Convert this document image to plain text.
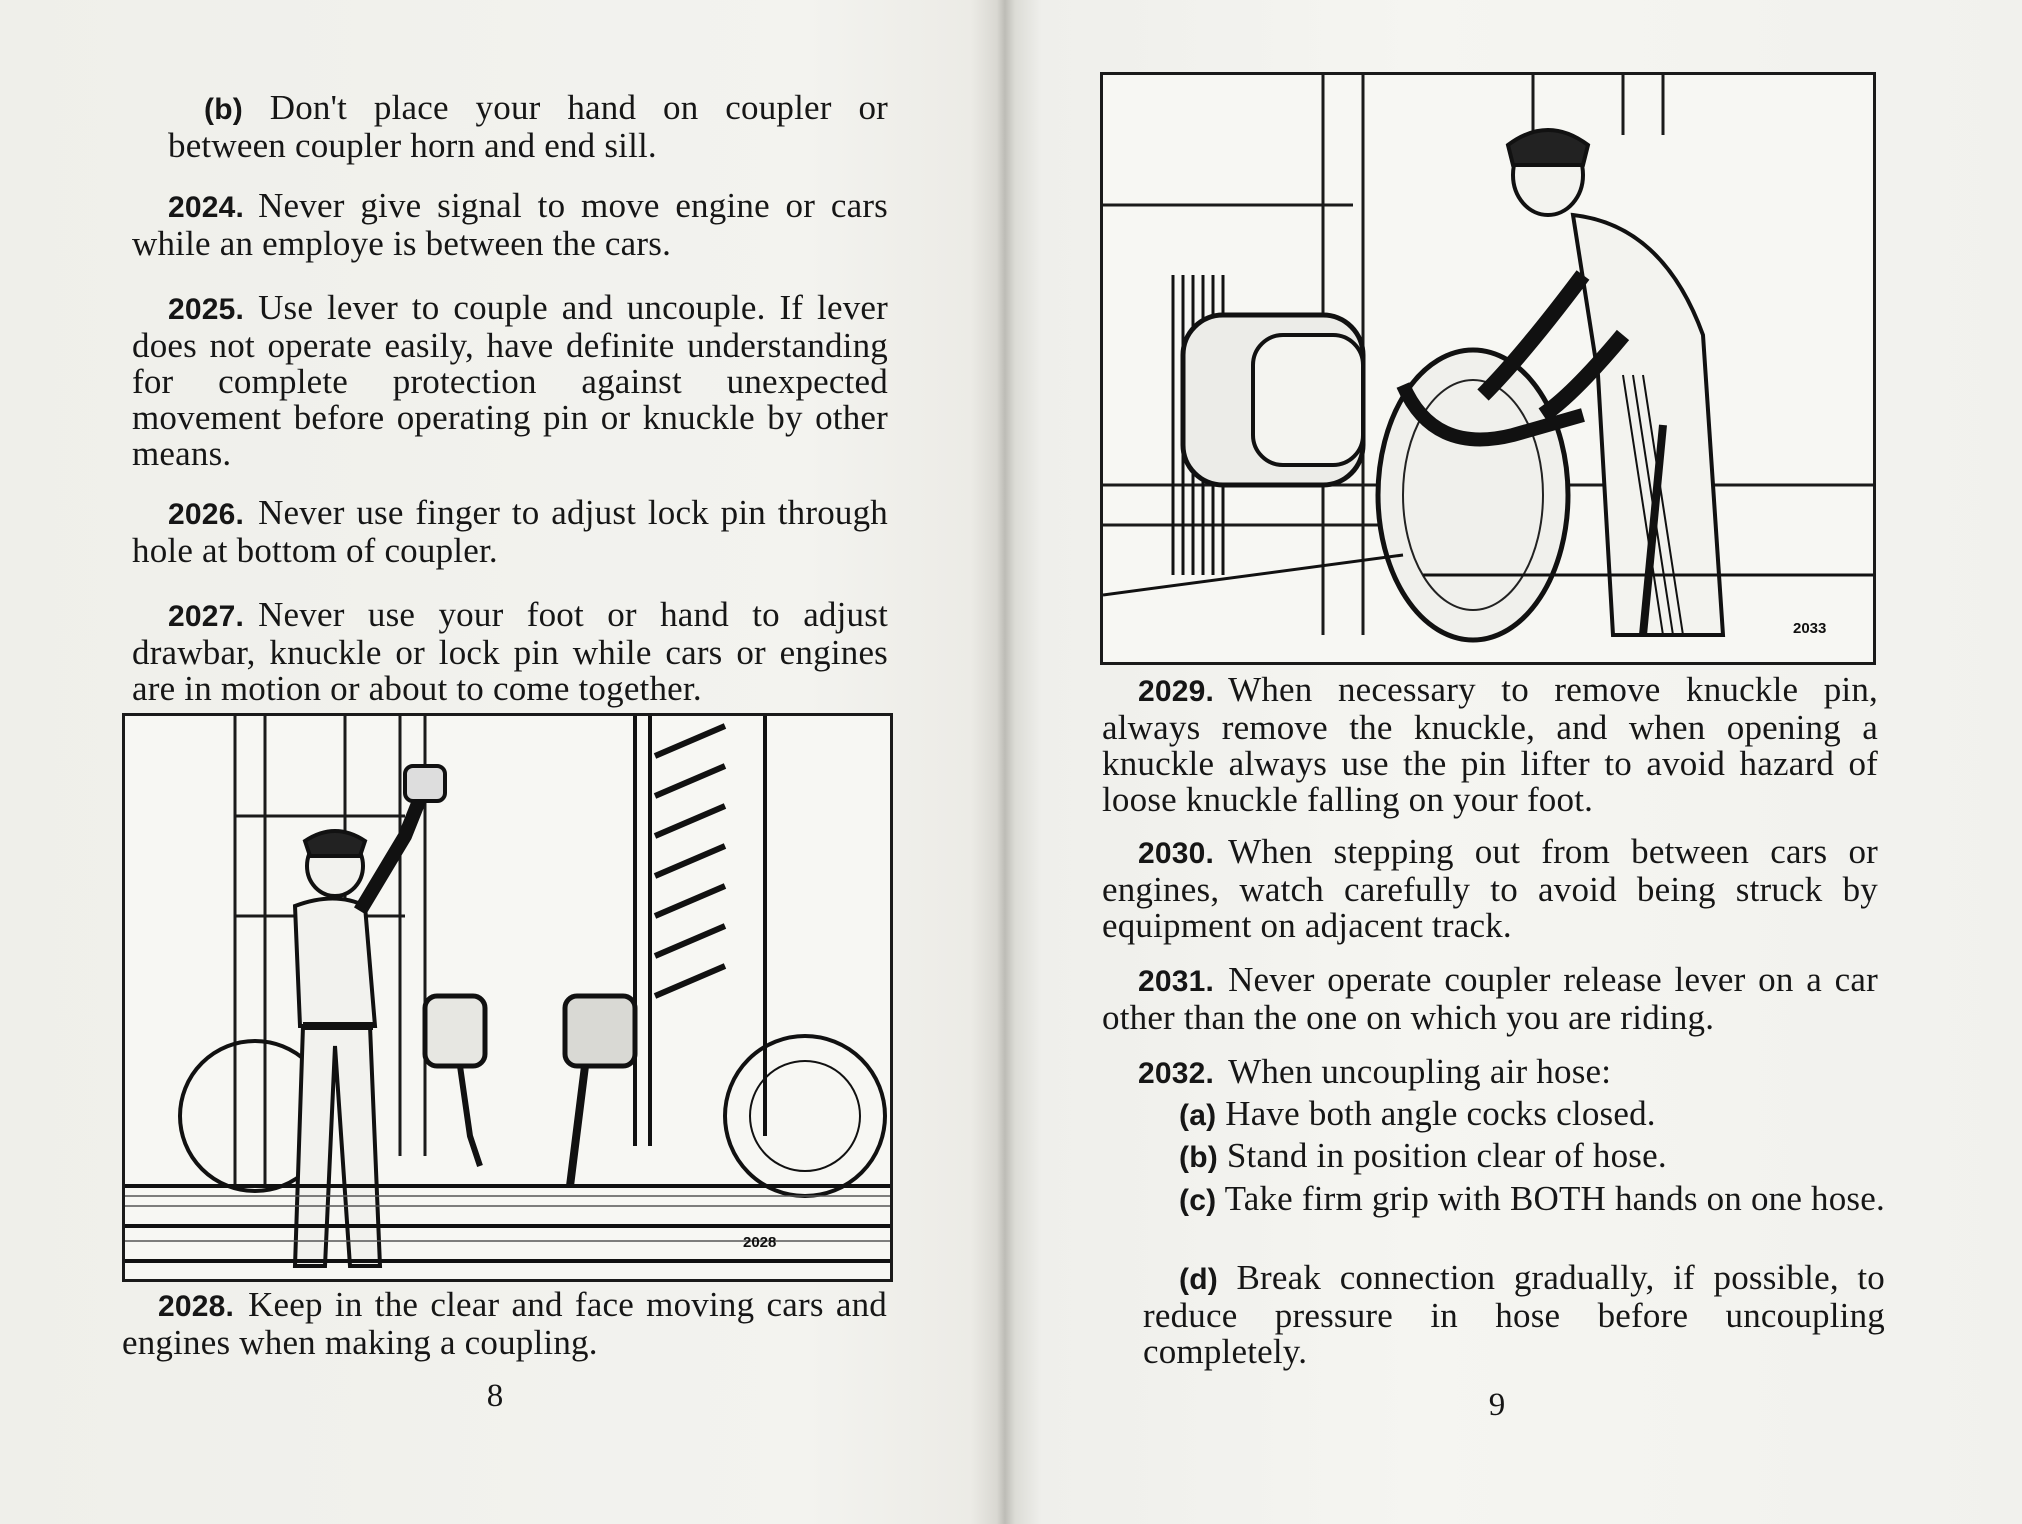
(b) Don't place your hand on coupler or between coupler horn and end sill.

2024. Never give signal to move engine or cars while an employe is between the cars.

2025. Use lever to couple and uncouple. If lever does not operate easily, have definite understanding for complete protection against unexpected movement before operating pin or knuckle by other means.

2026. Never use finger to adjust lock pin through hole at bottom of coupler.

2027. Never use your foot or hand to adjust drawbar, knuckle or lock pin while cars or engines are in motion or about to come together.

2028

2028. Keep in the clear and face moving cars and engines when making a coupling.

8
2033

2029. When necessary to remove knuckle pin, always remove the knuckle, and when opening a knuckle always use the pin lifter to avoid hazard of loose knuckle falling on your foot.

2030. When stepping out from between cars or engines, watch carefully to avoid being struck by equipment on adjacent track.

2031. Never operate coupler release lever on a car other than the one on which you are riding.

2032. When uncoupling air hose:

(a) Have both angle cocks closed.

(b) Stand in position clear of hose.

(c) Take firm grip with BOTH hands on one hose.

(d) Break connection gradually, if possible, to reduce pressure in hose before uncoupling completely.

9
